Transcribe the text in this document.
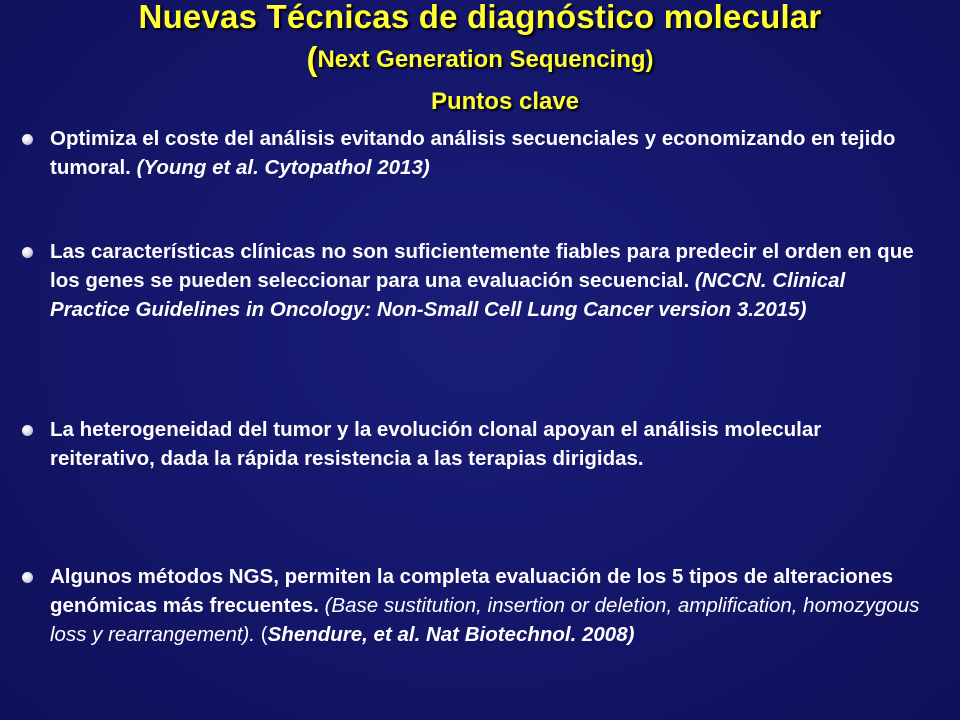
Nuevas Técnicas de diagnóstico molecular
(Next Generation Sequencing)
Puntos clave
Optimiza el coste del análisis evitando análisis secuenciales y economizando en tejido tumoral. (Young et al. Cytopathol 2013)
Las características clínicas no son suficientemente fiables para predecir el orden en que los genes se pueden seleccionar para una evaluación secuencial. (NCCN. Clinical Practice Guidelines in Oncology: Non-Small Cell Lung Cancer version 3.2015)
La heterogeneidad del tumor y la evolución clonal apoyan el análisis molecular reiterativo, dada la rápida resistencia a las terapias dirigidas.
Algunos métodos NGS, permiten la completa evaluación de los 5 tipos de alteraciones genómicas más frecuentes. (Base sustitution, insertion or deletion, amplification, homozygous loss y rearrangement). (Shendure, et al. Nat Biotechnol. 2008)
